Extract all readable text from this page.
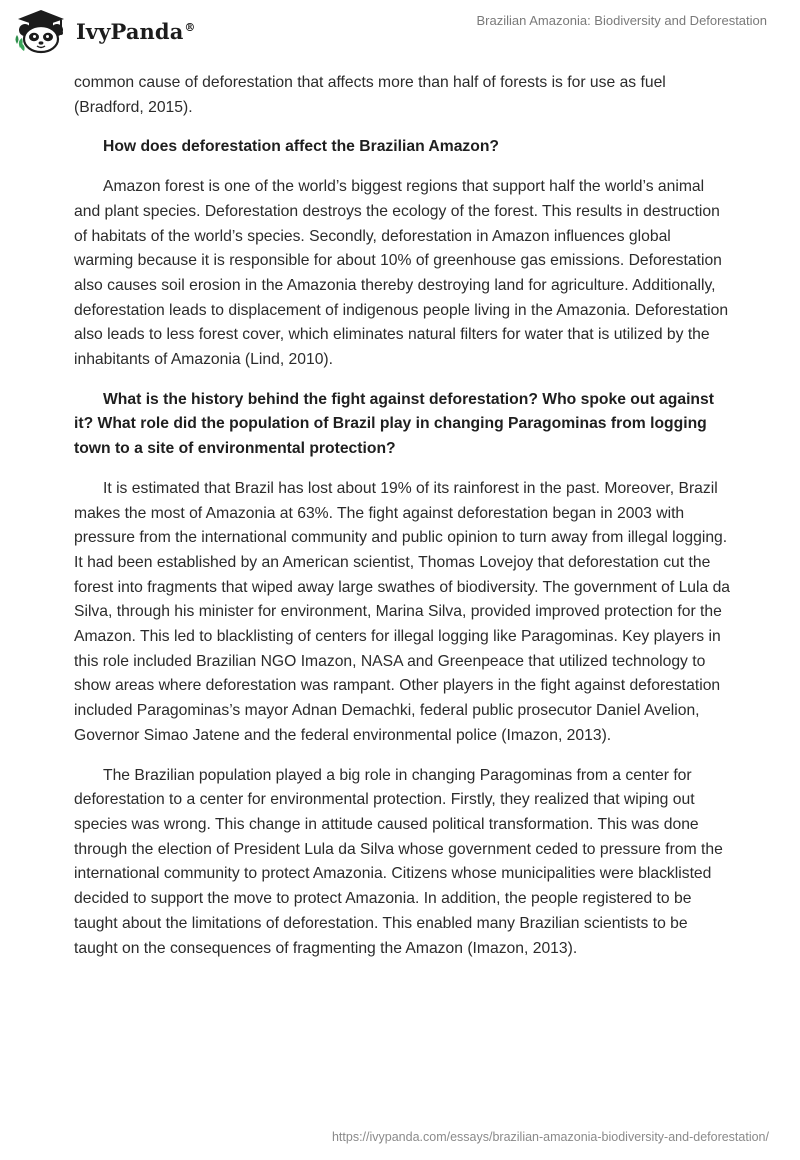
IvyPanda®	Brazilian Amazonia: Biodiversity and Deforestation

common cause of deforestation that affects more than half of forests is for use as fuel (Bradford, 2015).

How does deforestation affect the Brazilian Amazon?

Amazon forest is one of the world’s biggest regions that support half the world’s animal and plant species. Deforestation destroys the ecology of the forest. This results in destruction of habitats of the world’s species. Secondly, deforestation in Amazon influences global warming because it is responsible for about 10% of greenhouse gas emissions. Deforestation also causes soil erosion in the Amazonia thereby destroying land for agriculture. Additionally, deforestation leads to displacement of indigenous people living in the Amazonia. Deforestation also leads to less forest cover, which eliminates natural filters for water that is utilized by the inhabitants of Amazonia (Lind, 2010).

What is the history behind the fight against deforestation? Who spoke out against it? What role did the population of Brazil play in changing Paragominas from logging town to a site of environmental protection?

It is estimated that Brazil has lost about 19% of its rainforest in the past. Moreover, Brazil makes the most of Amazonia at 63%. The fight against deforestation began in 2003 with pressure from the international community and public opinion to turn away from illegal logging. It had been established by an American scientist, Thomas Lovejoy that deforestation cut the forest into fragments that wiped away large swathes of biodiversity. The government of Lula da Silva, through his minister for environment, Marina Silva, provided improved protection for the Amazon. This led to blacklisting of centers for illegal logging like Paragominas. Key players in this role included Brazilian NGO Imazon, NASA and Greenpeace that utilized technology to show areas where deforestation was rampant. Other players in the fight against deforestation included Paragominas’s mayor Adnan Demachki, federal public prosecutor Daniel Avelion, Governor Simao Jatene and the federal environmental police (Imazon, 2013).

The Brazilian population played a big role in changing Paragominas from a center for deforestation to a center for environmental protection. Firstly, they realized that wiping out species was wrong. This change in attitude caused political transformation. This was done through the election of President Lula da Silva whose government ceded to pressure from the international community to protect Amazonia. Citizens whose municipalities were blacklisted decided to support the move to protect Amazonia. In addition, the people registered to be taught about the limitations of deforestation. This enabled many Brazilian scientists to be taught on the consequences of fragmenting the Amazon (Imazon, 2013).

https://ivypanda.com/essays/brazilian-amazonia-biodiversity-and-deforestation/
